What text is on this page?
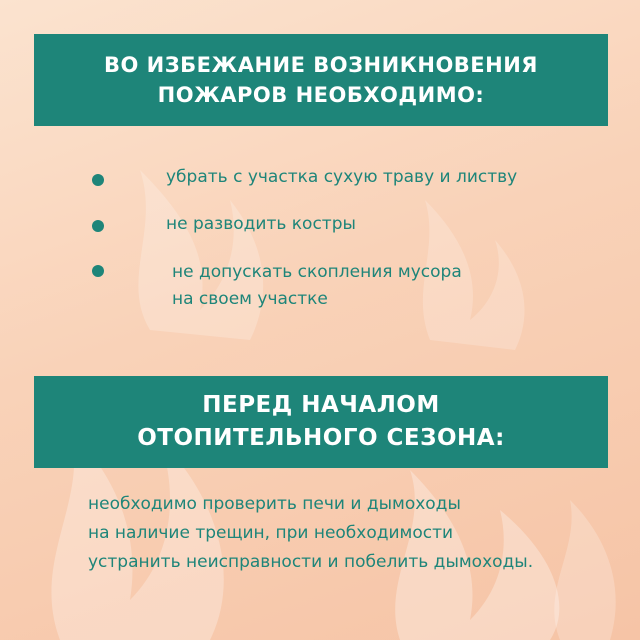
ВО ИЗБЕЖАНИЕ ВОЗНИКНОВЕНИЯ
ПОЖАРОВ НЕОБХОДИМО:
убрать с участка сухую траву и листву
не разводить костры
не допускать скопления мусора
на своем участке
ПЕРЕД НАЧАЛОМ
ОТОПИТЕЛЬНОГО СЕЗОНА:
необходимо проверить печи и дымоходы
на наличие трещин, при необходимости
устранить неисправности и побелить дымоходы.
